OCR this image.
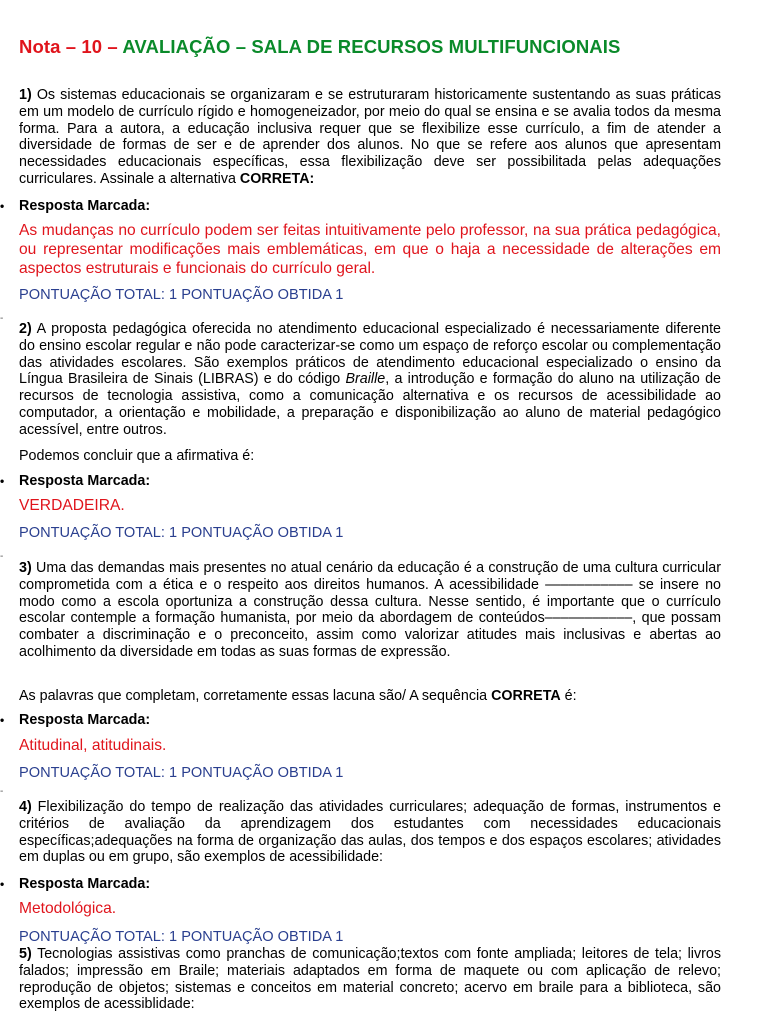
Nota – 10 – AVALIAÇÃO – SALA DE RECURSOS MULTIFUNCIONAIS
1) Os sistemas educacionais se organizaram e se estruturaram historicamente sustentando as suas práticas em um modelo de currículo rígido e homogeneizador, por meio do qual se ensina e se avalia todos da mesma forma. Para a autora, a educação inclusiva requer que se flexibilize esse currículo, a fim de atender a diversidade de formas de ser e de aprender dos alunos. No que se refere aos alunos que apresentam necessidades educacionais específicas, essa flexibilização deve ser possibilitada pelas adequações curriculares. Assinale a alternativa CORRETA:
• Resposta Marcada:
As mudanças no currículo podem ser feitas intuitivamente pelo professor, na sua prática pedagógica, ou representar modificações mais emblemáticas, em que o haja a necessidade de alterações em aspectos estruturais e funcionais do currículo geral.
PONTUAÇÃO TOTAL: 1 PONTUAÇÃO OBTIDA 1
-
2) A proposta pedagógica oferecida no atendimento educacional especializado é necessariamente diferente do ensino escolar regular e não pode caracterizar-se como um espaço de reforço escolar ou complementação das atividades escolares. São exemplos práticos de atendimento educacional especializado o ensino da Língua Brasileira de Sinais (LIBRAS) e do código Braille, a introdução e formação do aluno na utilização de recursos de tecnologia assistiva, como a comunicação alternativa e os recursos de acessibilidade ao computador, a orientação e mobilidade, a preparação e disponibilização ao aluno de material pedagógico acessível, entre outros.
Podemos concluir que a afirmativa é:
• Resposta Marcada:
VERDADEIRA.
PONTUAÇÃO TOTAL: 1 PONTUAÇÃO OBTIDA 1
-
3) Uma das demandas mais presentes no atual cenário da educação é a construção de uma cultura curricular comprometida com a ética e o respeito aos direitos humanos. A acessibilidade ––––––––––– se insere no modo como a escola oportuniza a construção dessa cultura. Nesse sentido, é importante que o currículo escolar contemple a formação humanista, por meio da abordagem de conteúdos–––––––––––, que possam combater a discriminação e o preconceito, assim como valorizar atitudes mais inclusivas e abertas ao acolhimento da diversidade em todas as suas formas de expressão.
As palavras que completam, corretamente essas lacuna são/ A sequência CORRETA é:
• Resposta Marcada:
Atitudinal, atitudinais.
PONTUAÇÃO TOTAL: 1 PONTUAÇÃO OBTIDA 1
-
4) Flexibilização do tempo de realização das atividades curriculares; adequação de formas, instrumentos e critérios de avaliação da aprendizagem dos estudantes com necessidades educacionais específicas;adequações na forma de organização das aulas, dos tempos e dos espaços escolares; atividades em duplas ou em grupo, são exemplos de acessibilidade:
• Resposta Marcada:
Metodológica.
PONTUAÇÃO TOTAL: 1 PONTUAÇÃO OBTIDA 1
5) Tecnologias assistivas como pranchas de comunicação;textos com fonte ampliada; leitores de tela; livros falados; impressão em Braile; materiais adaptados em forma de maquete ou com aplicação de relevo; reprodução de objetos; sistemas e conceitos em material concreto; acervo em braile para a biblioteca, são exemplos de acessiblidade:
